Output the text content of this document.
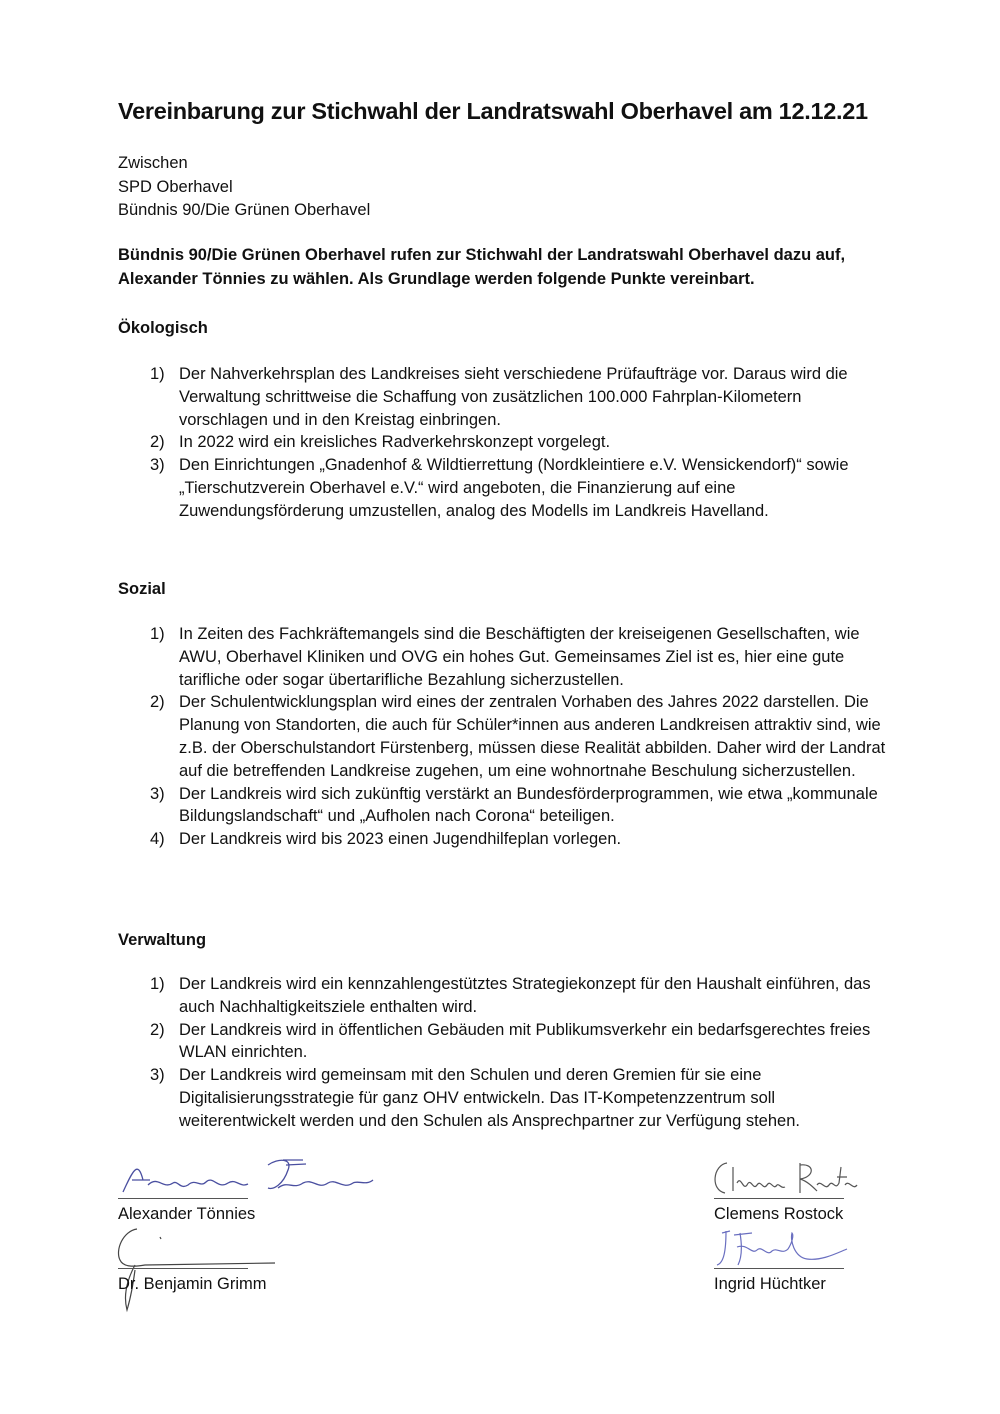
Vereinbarung zur Stichwahl der Landratswahl Oberhavel am 12.12.21
Zwischen
SPD Oberhavel
Bündnis 90/Die Grünen Oberhavel
Bündnis 90/Die Grünen Oberhavel rufen zur Stichwahl der Landratswahl Oberhavel dazu auf, Alexander Tönnies zu wählen. Als Grundlage werden folgende Punkte vereinbart.
Ökologisch
1) Der Nahverkehrsplan des Landkreises sieht verschiedene Prüfaufträge vor. Daraus wird die Verwaltung schrittweise die Schaffung von zusätzlichen 100.000 Fahrplan-Kilometern vorschlagen und in den Kreistag einbringen.
2) In 2022 wird ein kreisliches Radverkehrskonzept vorgelegt.
3) Den Einrichtungen „Gnadenhof & Wildtierrettung (Nordkleintiere e.V. Wensickendorf)“ sowie „Tierschutzverein Oberhavel e.V.“ wird angeboten, die Finanzierung auf eine Zuwendungsförderung umzustellen, analog des Modells im Landkreis Havelland.
Sozial
1) In Zeiten des Fachkräftemangels sind die Beschäftigten der kreiseigenen Gesellschaften, wie AWU, Oberhavel Kliniken und OVG ein hohes Gut. Gemeinsames Ziel ist es, hier eine gute tarifliche oder sogar übertarifliche Bezahlung sicherzustellen.
2) Der Schulentwicklungsplan wird eines der zentralen Vorhaben des Jahres 2022 darstellen. Die Planung von Standorten, die auch für Schüler*innen aus anderen Landkreisen attraktiv sind, wie z.B. der Oberschulstandort Fürstenberg, müssen diese Realität abbilden. Daher wird der Landrat auf die betreffenden Landkreise zugehen, um eine wohnortnahe Beschulung sicherzustellen.
3) Der Landkreis wird sich zukünftig verstärkt an Bundesförderprogrammen, wie etwa „kommunale Bildungslandschaft“ und „Aufholen nach Corona“ beteiligen.
4) Der Landkreis wird bis 2023 einen Jugendhilfeplan vorlegen.
Verwaltung
1) Der Landkreis wird ein kennzahlengestütztes Strategiekonzept für den Haushalt einführen, das auch Nachhaltigkeitsziele enthalten wird.
2) Der Landkreis wird in öffentlichen Gebäuden mit Publikumsverkehr ein bedarfsgerechtes freies WLAN einrichten.
3) Der Landkreis wird gemeinsam mit den Schulen und deren Gremien für sie eine Digitalisierungsstrategie für ganz OHV entwickeln. Das IT-Kompetenzzentrum soll weiterentwickelt werden und den Schulen als Ansprechpartner zur Verfügung stehen.
Alexander Tönnies	Clemens Rostock
Dr. Benjamin Grimm	Ingrid Hüchtker
